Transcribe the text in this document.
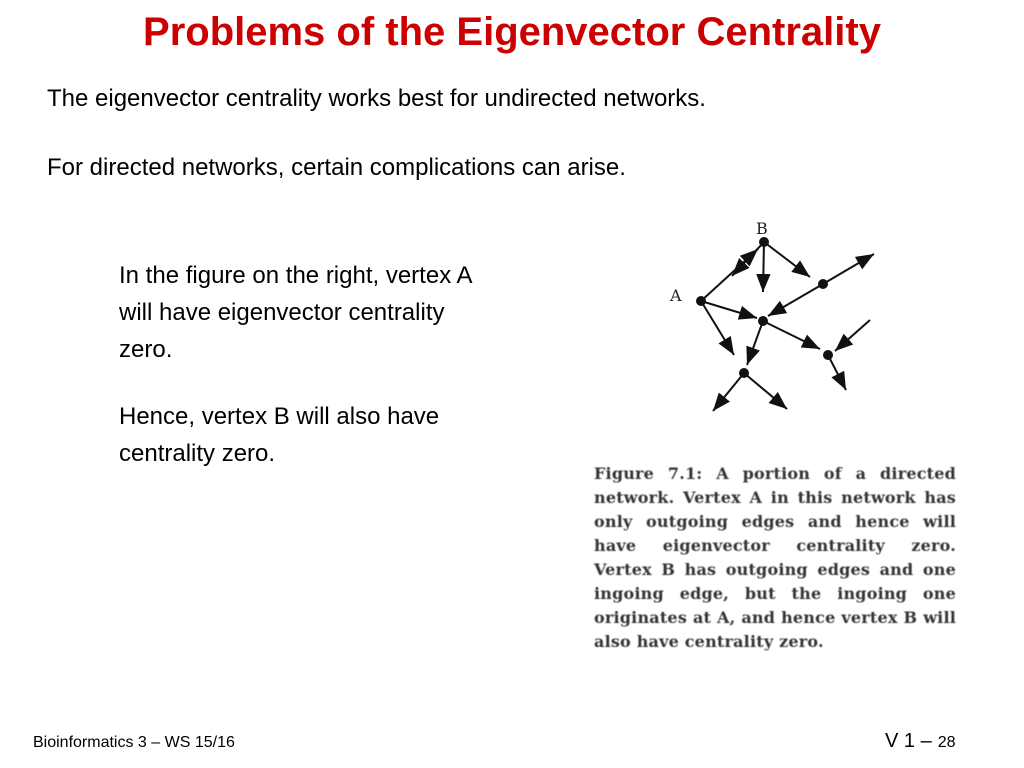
Problems of the Eigenvector Centrality
The eigenvector centrality works best for undirected networks.
For directed networks, certain complications can arise.
In the figure on the right, vertex A will have eigenvector centrality zero.
Hence, vertex B will also have centrality zero.
B
A
Figure 7.1: A portion of a directed network. Vertex A in this network has only outgoing edges and hence will have eigenvector centrality zero. Vertex B has outgoing edges and one ingoing edge, but the ingoing one originates at A, and hence vertex B will also have centrality zero.
Bioinformatics 3 – WS 15/16	V 1 – 28
